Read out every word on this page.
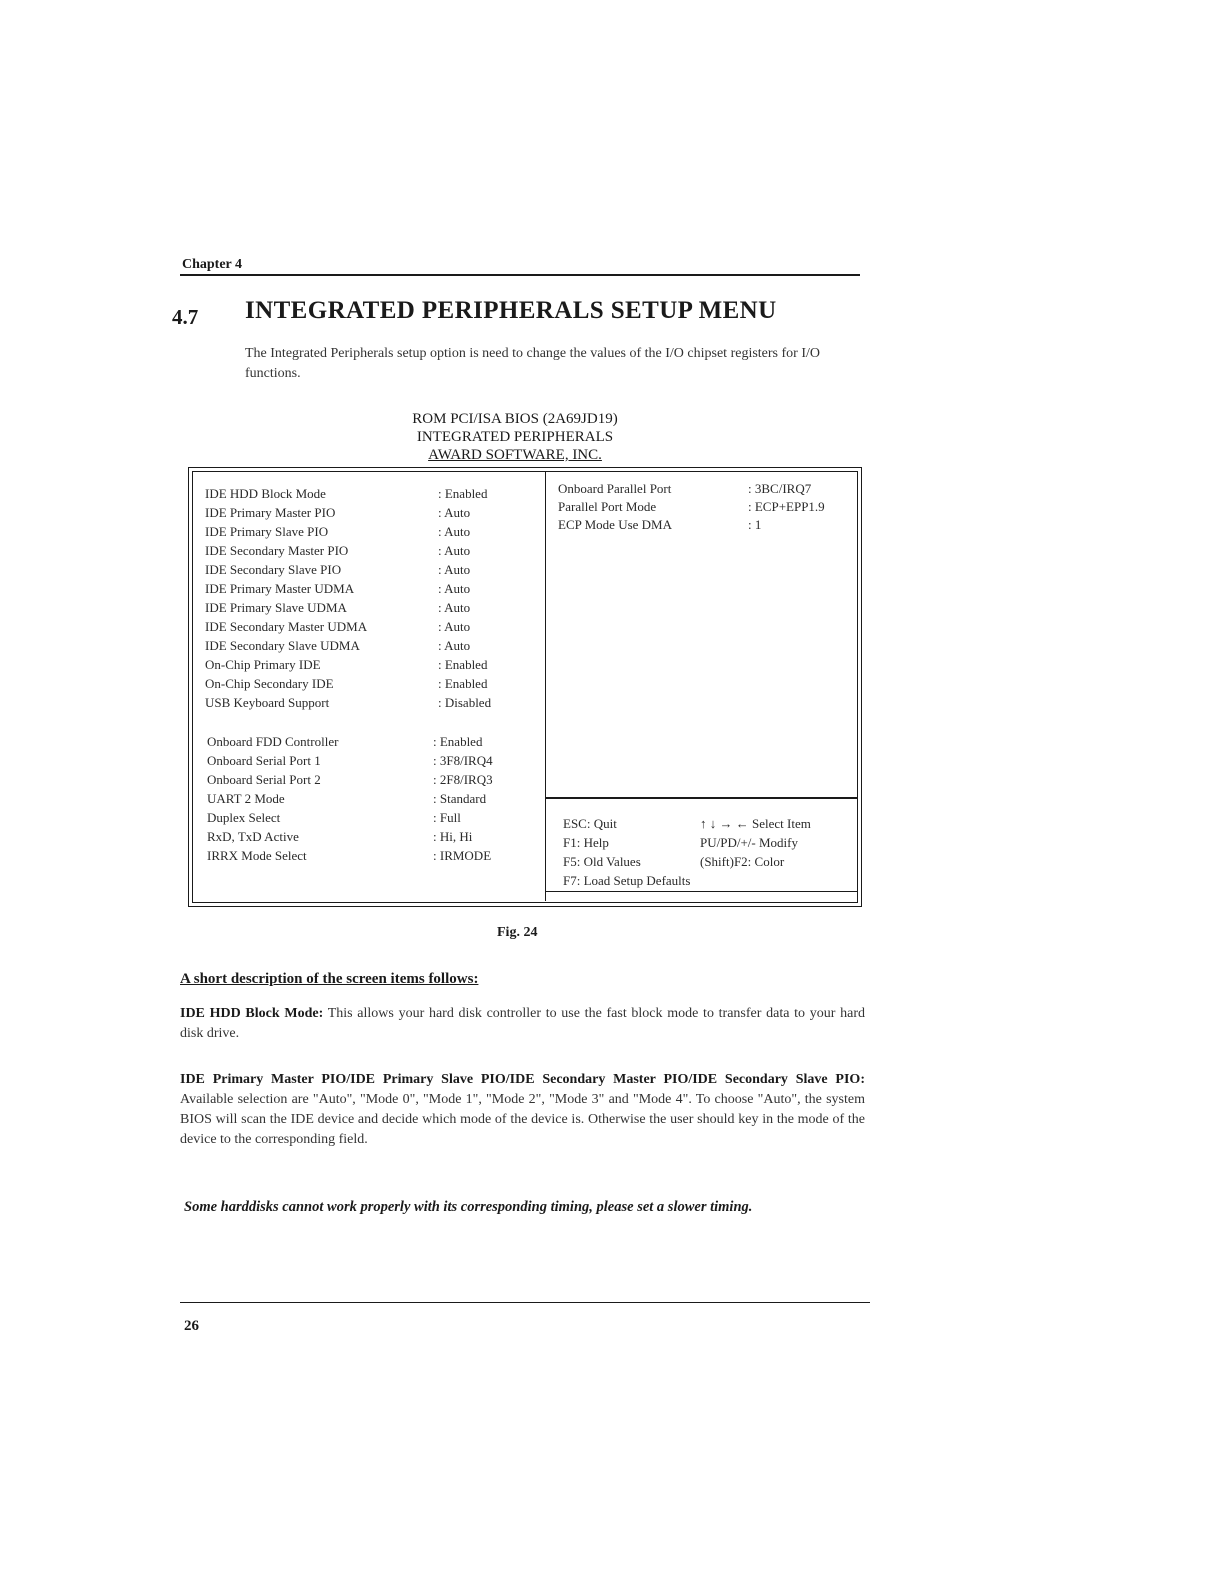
Chapter 4
4.7 INTEGRATED PERIPHERALS SETUP MENU
The Integrated Peripherals setup option is need to change the values of the I/O chipset registers for I/O functions.
ROM PCI/ISA BIOS (2A69JD19)
INTEGRATED PERIPHERALS
AWARD SOFTWARE, INC.
IDE HDD Block Mode	: Enabled
IDE Primary Master PIO	: Auto
IDE Primary Slave PIO	: Auto
IDE Secondary Master PIO	: Auto
IDE Secondary Slave PIO	: Auto
IDE Primary Master UDMA	: Auto
IDE Primary Slave UDMA	: Auto
IDE Secondary Master UDMA	: Auto
IDE Secondary Slave UDMA	: Auto
On-Chip Primary IDE	: Enabled
On-Chip Secondary IDE	: Enabled
USB Keyboard Support	: Disabled
Onboard FDD Controller	: Enabled
Onboard Serial Port 1	: 3F8/IRQ4
Onboard Serial Port 2	: 2F8/IRQ3
UART 2 Mode	: Standard
Duplex Select	: Full
RxD, TxD Active	: Hi, Hi
IRRX Mode Select	: IRMODE
Onboard Parallel Port	: 3BC/IRQ7
Parallel Port Mode	: ECP+EPP1.9
ECP Mode Use DMA	: 1
ESC: Quit	↑ ↓ → ← Select Item
F1: Help	PU/PD/+/- Modify
F5: Old Values	(Shift)F2: Color
F7: Load Setup Defaults
Fig. 24
A short description of the screen items follows:
IDE HDD Block Mode: This allows your hard disk controller to use the fast block mode to transfer data to your hard disk drive.
IDE Primary Master PIO/IDE Primary Slave PIO/IDE Secondary Master PIO/IDE Secondary Slave PIO: Available selection are "Auto", "Mode 0", "Mode 1", "Mode 2", "Mode 3" and "Mode 4". To choose "Auto", the system BIOS will scan the IDE device and decide which mode of the device is. Otherwise the user should key in the mode of the device to the corresponding field.
Some harddisks cannot work properly with its corresponding timing, please set a slower timing.
26
